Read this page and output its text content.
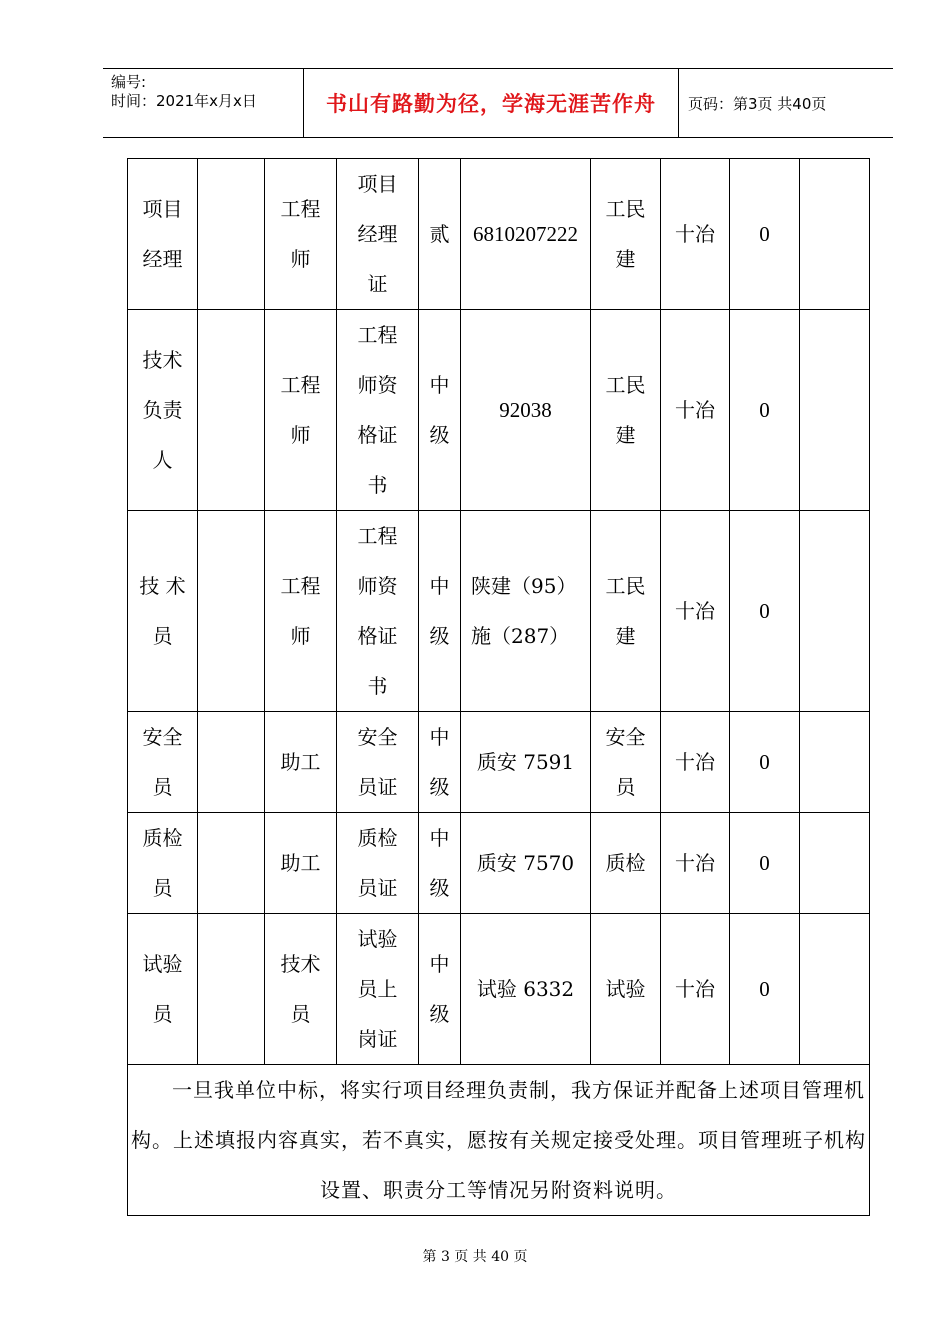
编号:
时间：2021年x月x日	书山有路勤为径，学海无涯苦作舟	页码：第3页 共40页
项目
经理		工程
师	项目
经理
证	贰	6810207222	工民
建	十冶	0	
技术
负责
人		工程
师	工程
师资
格证
书	中
级	92038	工民
建	十冶	0	
技 术
员		工程
师	工程
师资
格证
书	中
级	陕建（95）
施（287）	工民
建	十冶	0	
安全
员		助工	安全
员证	中
级	质安 7591	安全
员	十冶	0	
质检
员		助工	质检
员证	中
级	质安 7570	质检	十冶	0	
试验
员		技术
员	试验
员上
岗证	中
级	试验 6332	试验	十冶	0	
一旦我单位中标，将实行项目经理负责制，我方保证并配备上述项目管理机构。上述填报内容真实，若不真实，愿按有关规定接受处理。项目管理班子机构设置、职责分工等情况另附资料说明。									
第 3 页 共 40 页
